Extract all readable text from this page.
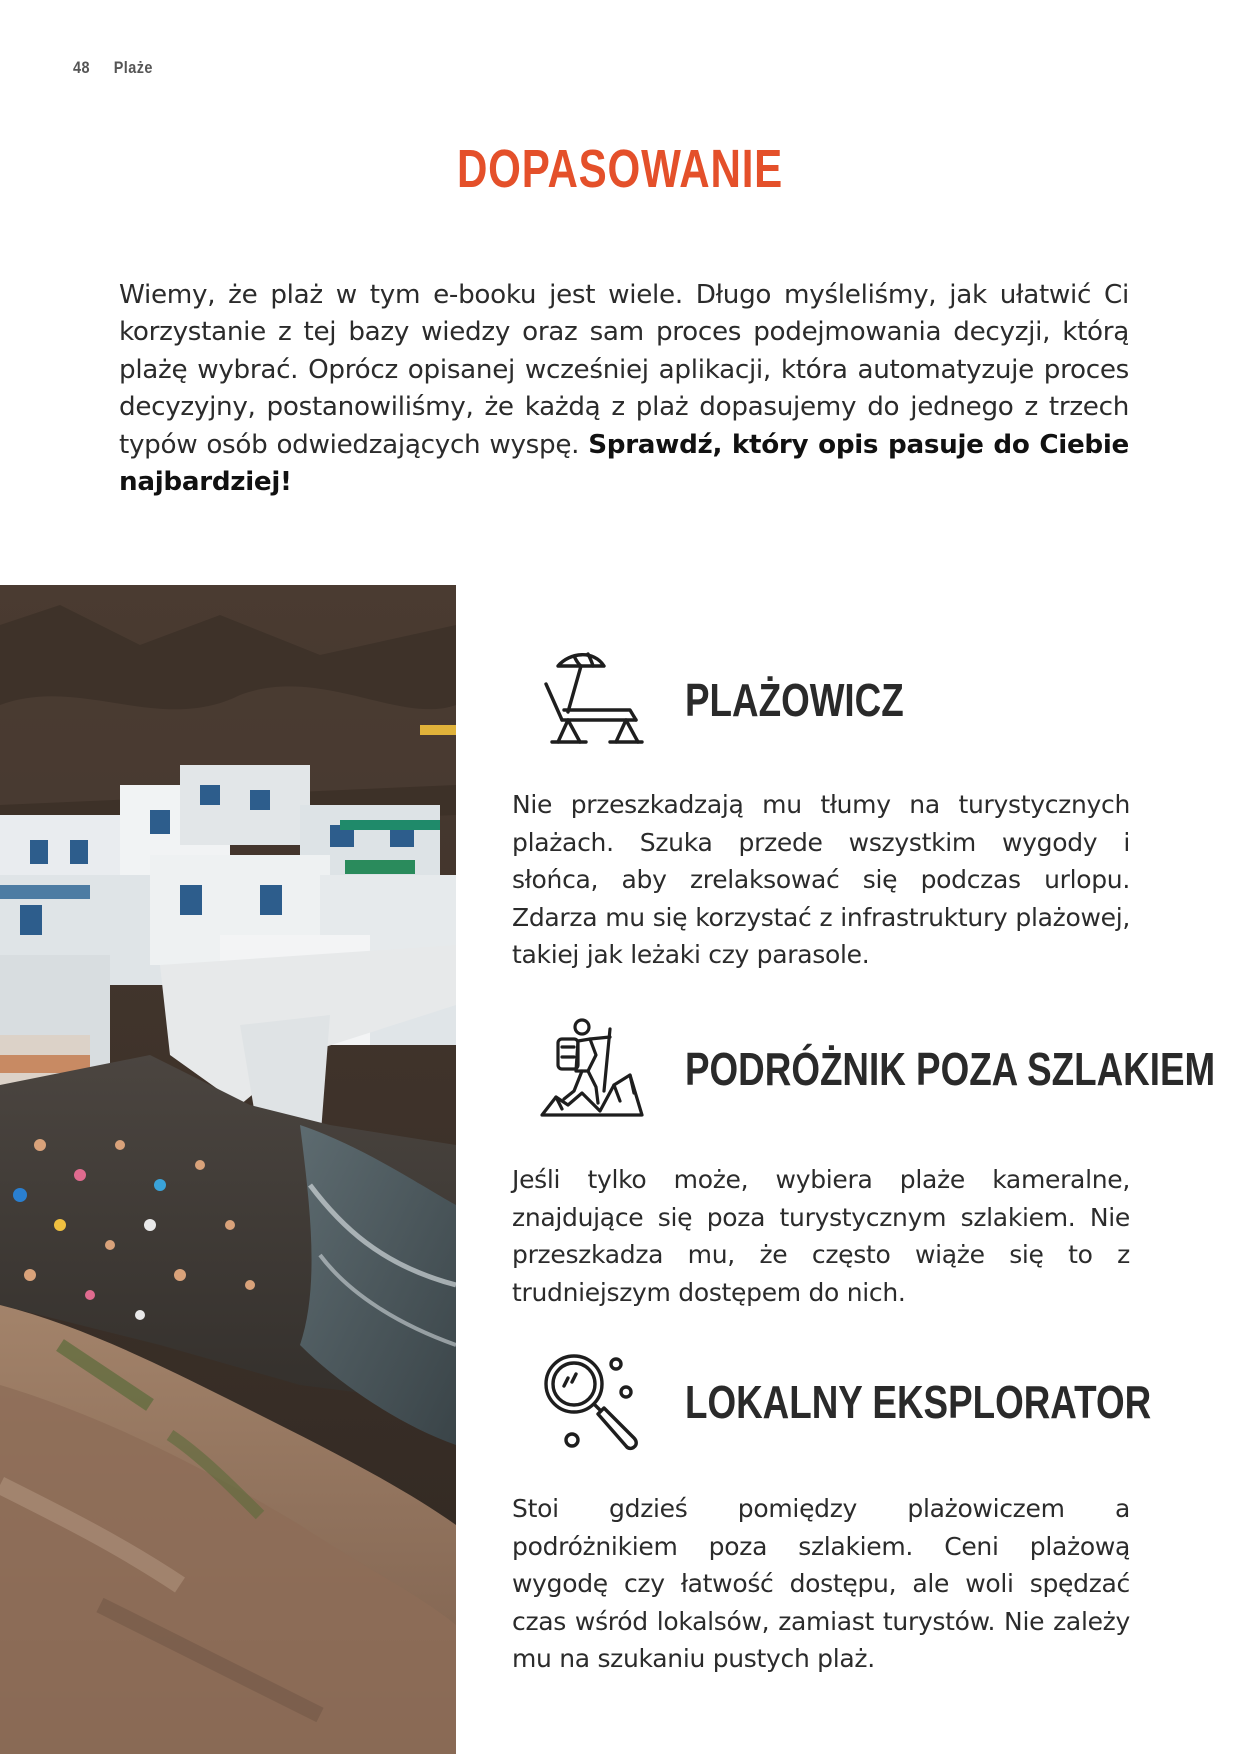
48 Plaże
DOPASOWANIE

Wiemy, że plaż w tym e-booku jest wiele. Długo myśleliśmy, jak ułatwić Ci korzystanie z tej bazy wiedzy oraz sam proces podejmowania decyzji, którą plażę wybrać. Oprócz opisanej wcześniej aplikacji, która automatyzuje proces decyzyjny, postanowiliśmy, że każdą z plaż dopasujemy do jednego z trzech typów osób odwiedzających wyspę. Sprawdź, który opis pasuje do Ciebie najbardziej!

PLAŻOWICZ

Nie przeszkadzają mu tłumy na turystycznych plażach. Szuka przede wszystkim wygody i słońca, aby zrelaksować się podczas urlopu. Zdarza mu się korzystać z infrastruktury plażowej, takiej jak leżaki czy parasole.

PODRÓŻNIK POZA SZLAKIEM

Jeśli tylko może, wybiera plaże kameralne, znajdujące się poza turystycznym szlakiem. Nie przeszkadza mu, że często wiąże się to z trudniejszym dostępem do nich.

LOKALNY EKSPLORATOR

Stoi gdzieś pomiędzy plażowiczem a podróżnikiem poza szlakiem. Ceni plażową wygodę czy łatwość dostępu, ale woli spędzać czas wśród lokalsów, zamiast turystów. Nie zależy mu na szukaniu pustych plaż.
